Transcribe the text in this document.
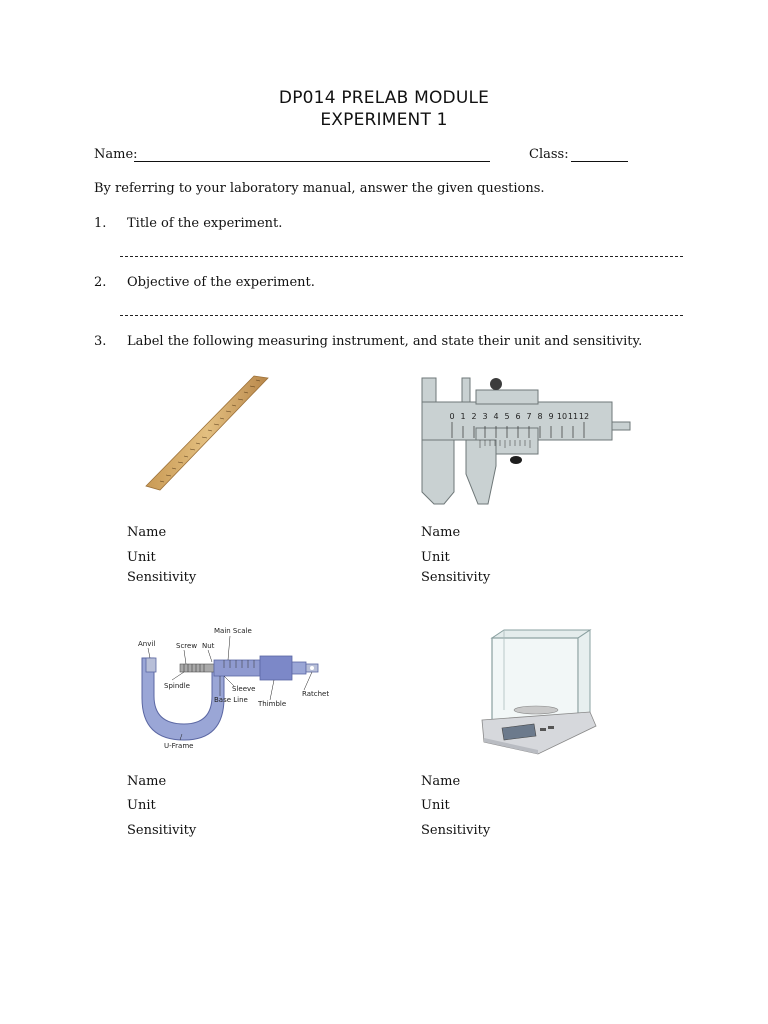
DP014 PRELAB MODULE
EXPERIMENT 1
Name:	Class:
By referring to your laboratory manual, answer the given questions.
1. Title of the experiment.
2. Objective of the experiment.
3. Label the following measuring instrument, and state their unit and sensitivity.
0 1 2 3 4 5 6 7 8 9 10 11 12
Name
Unit
Sensitivity
Name
Unit
Sensitivity
Anvil	Screw Nut
Main Scale
Spindle	Sleeve
Base Line Thimble
Ratchet
U-Frame
Name
Unit
Sensitivity
Name
Unit
Sensitivity
